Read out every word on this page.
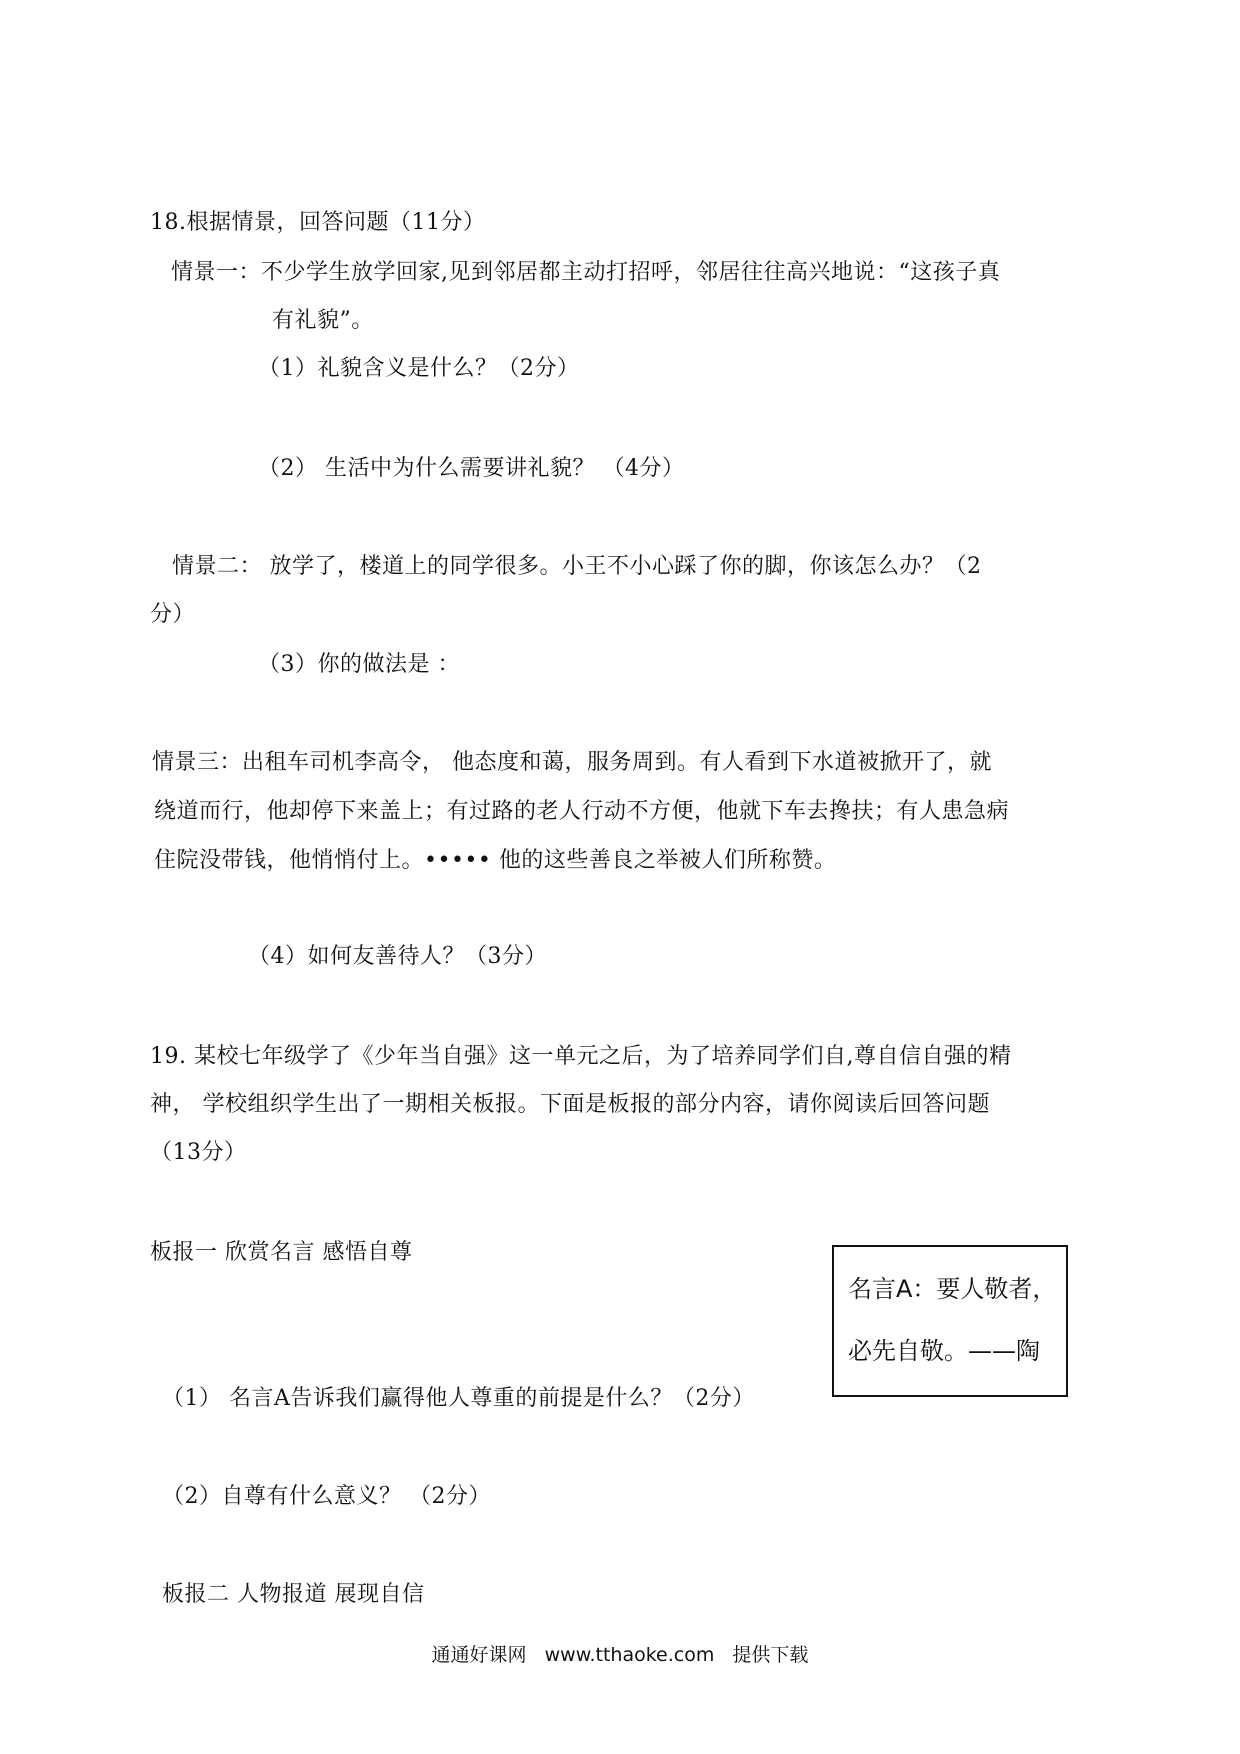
18.根据情景，回答问题（11分）
情景一：不少学生放学回家,见到邻居都主动打招呼，邻居往往高兴地说：“这孩子真
有礼貌”。
（1）礼貌含义是什么？（2分）
（2） 生活中为什么需要讲礼貌？ （4分）
情景二： 放学了，楼道上的同学很多。小王不小心踩了你的脚，你该怎么办？（2
分）
（3）你的做法是 ：
情景三：出租车司机李高令， 他态度和蔼，服务周到。有人看到下水道被掀开了，就
绕道而行，他却停下来盖上；有过路的老人行动不方便，他就下车去搀扶；有人患急病
住院没带钱，他悄悄付上。••••• 他的这些善良之举被人们所称赞。
（4）如何友善待人？（3分）
19. 某校七年级学了《少年当自强》这一单元之后，为了培养同学们自,尊自信自强的精
神， 学校组织学生出了一期相关板报。下面是板报的部分内容，请你阅读后回答问题
（13分）
板报一 欣赏名言 感悟自尊
名言A：要人敬者，
必先自敬。——陶
（1） 名言A告诉我们赢得他人尊重的前提是什么？（2分）
（2）自尊有什么意义？ （2分）
板报二 人物报道 展现自信
通通好课网 www.tthaoke.com 提供下载
